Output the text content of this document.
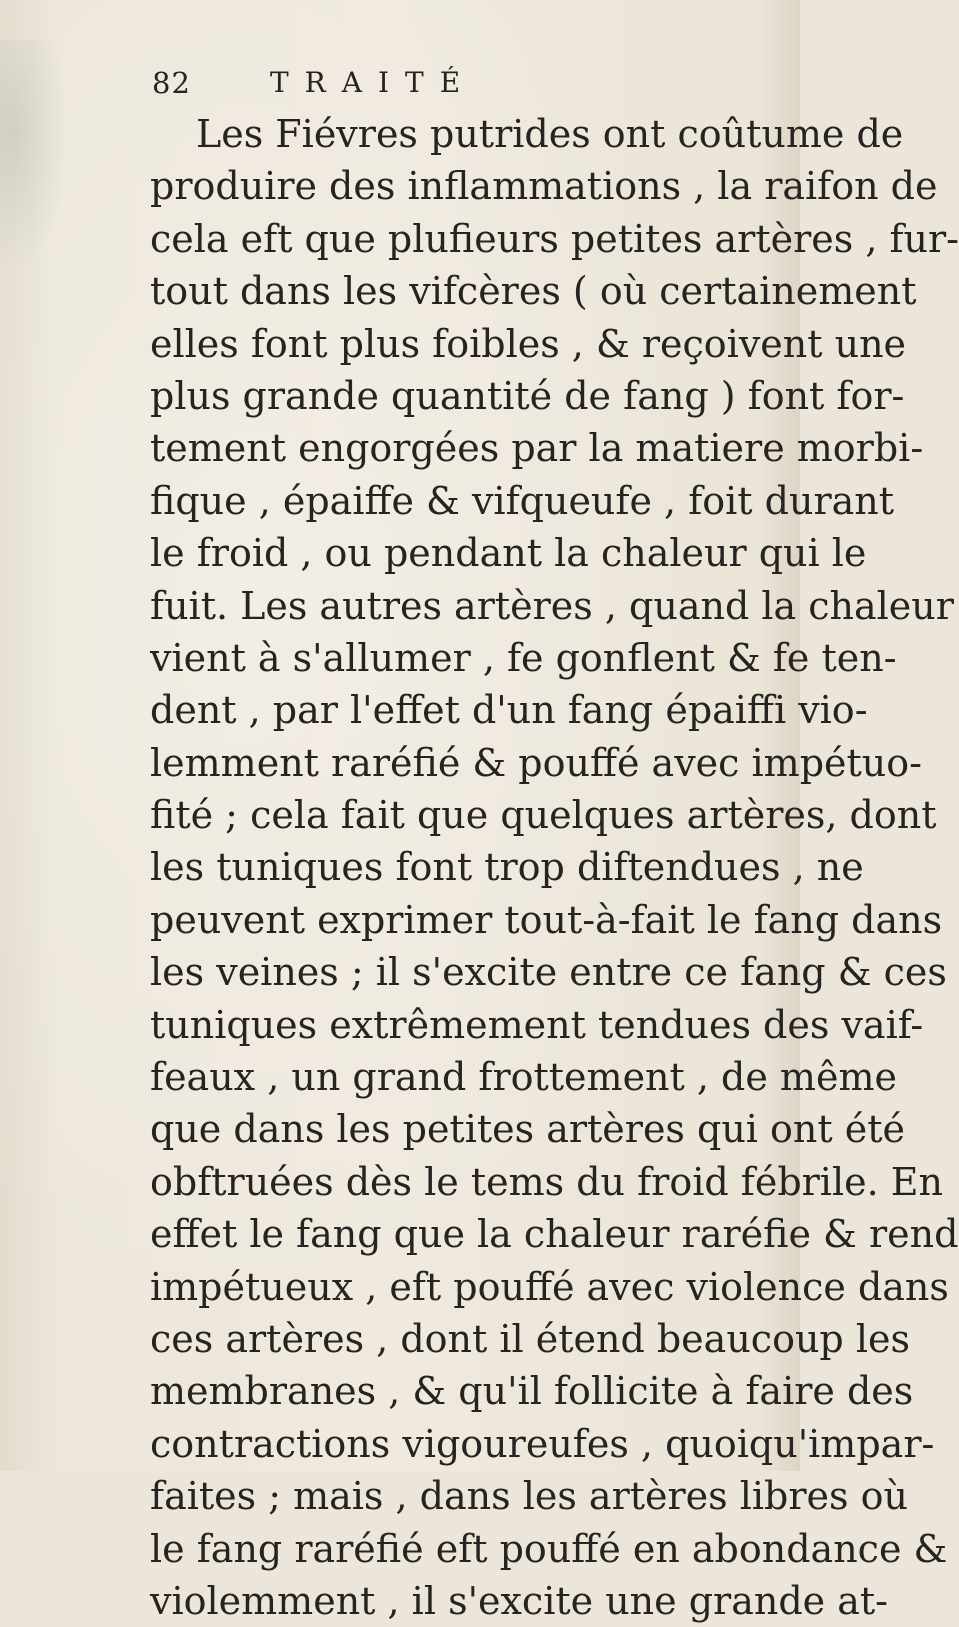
82	TRAITÉ
Les Fiévres putrides ont coûtume de
produire des inflammations , la raifon de
cela eft que plufieurs petites artères , fur-
tout dans les vifcères ( où certainement
elles font plus foibles , & reçoivent une
plus grande quantité de fang ) font for-
tement engorgées par la matiere morbi-
fique , épaiffe & vifqueufe , foit durant
le froid , ou pendant la chaleur qui le
fuit. Les autres artères , quand la chaleur
vient à s'allumer , fe gonflent & fe ten-
dent , par l'effet d'un fang épaiffi vio-
lemment raréfié & pouffé avec impétuo-
fité ; cela fait que quelques artères, dont
les tuniques font trop diftendues , ne
peuvent exprimer tout-à-fait le fang dans
les veines ; il s'excite entre ce fang & ces
tuniques extrêmement tendues des vaif-
feaux , un grand frottement , de même
que dans les petites artères qui ont été
obftruées dès le tems du froid fébrile. En
effet le fang que la chaleur raréfie & rend
impétueux , eft pouffé avec violence dans
ces artères , dont il étend beaucoup les
membranes , & qu'il follicite à faire des
contractions vigoureufes , quoiqu'impar-
faites ; mais , dans les artères libres où
le fang raréfié eft pouffé en abondance &
violemment , il s'excite une grande at-
